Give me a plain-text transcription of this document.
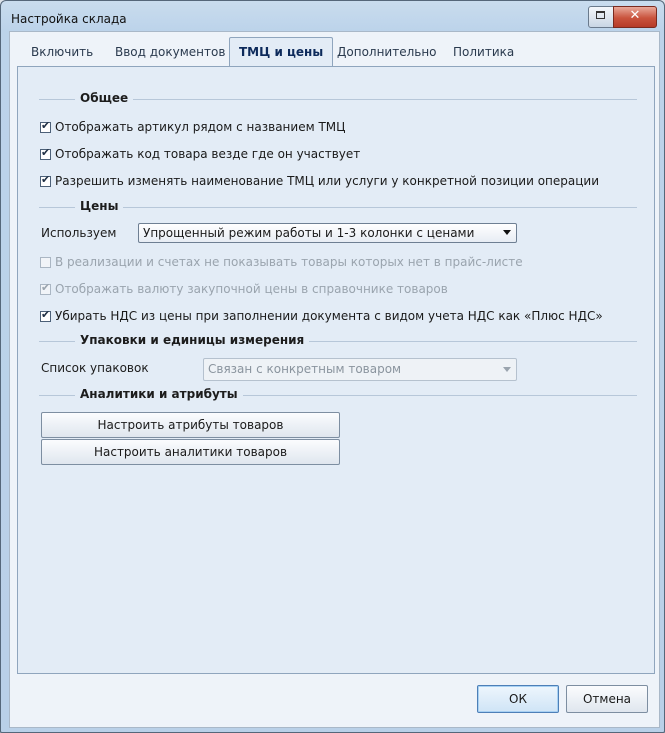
Настройка склада	✕
Включить	Ввод документов	ТМЦ и цены	Дополнительно	Политика
Общее
✔ Отображать артикул рядом с названием ТМЦ
✔ Отображать код товара везде где он участвует
✔ Разрешить изменять наименование ТМЦ или услуги у конкретной позиции операции
Цены
Используем Упрощенный режим работы и 1-3 колонки с ценами
В реализации и счетах не показывать товары которых нет в прайс-листе
✔ Отображать валюту закупочной цены в справочнике товаров
✔ Убирать НДС из цены при заполнении документа с видом учета НДС как «Плюс НДС»
Упаковки и единицы измерения
Список упаковок	Связан с конкретным товаром
Аналитики и атрибуты
Настроить атрибуты товаров
Настроить аналитики товаров
ОК	Отмена
